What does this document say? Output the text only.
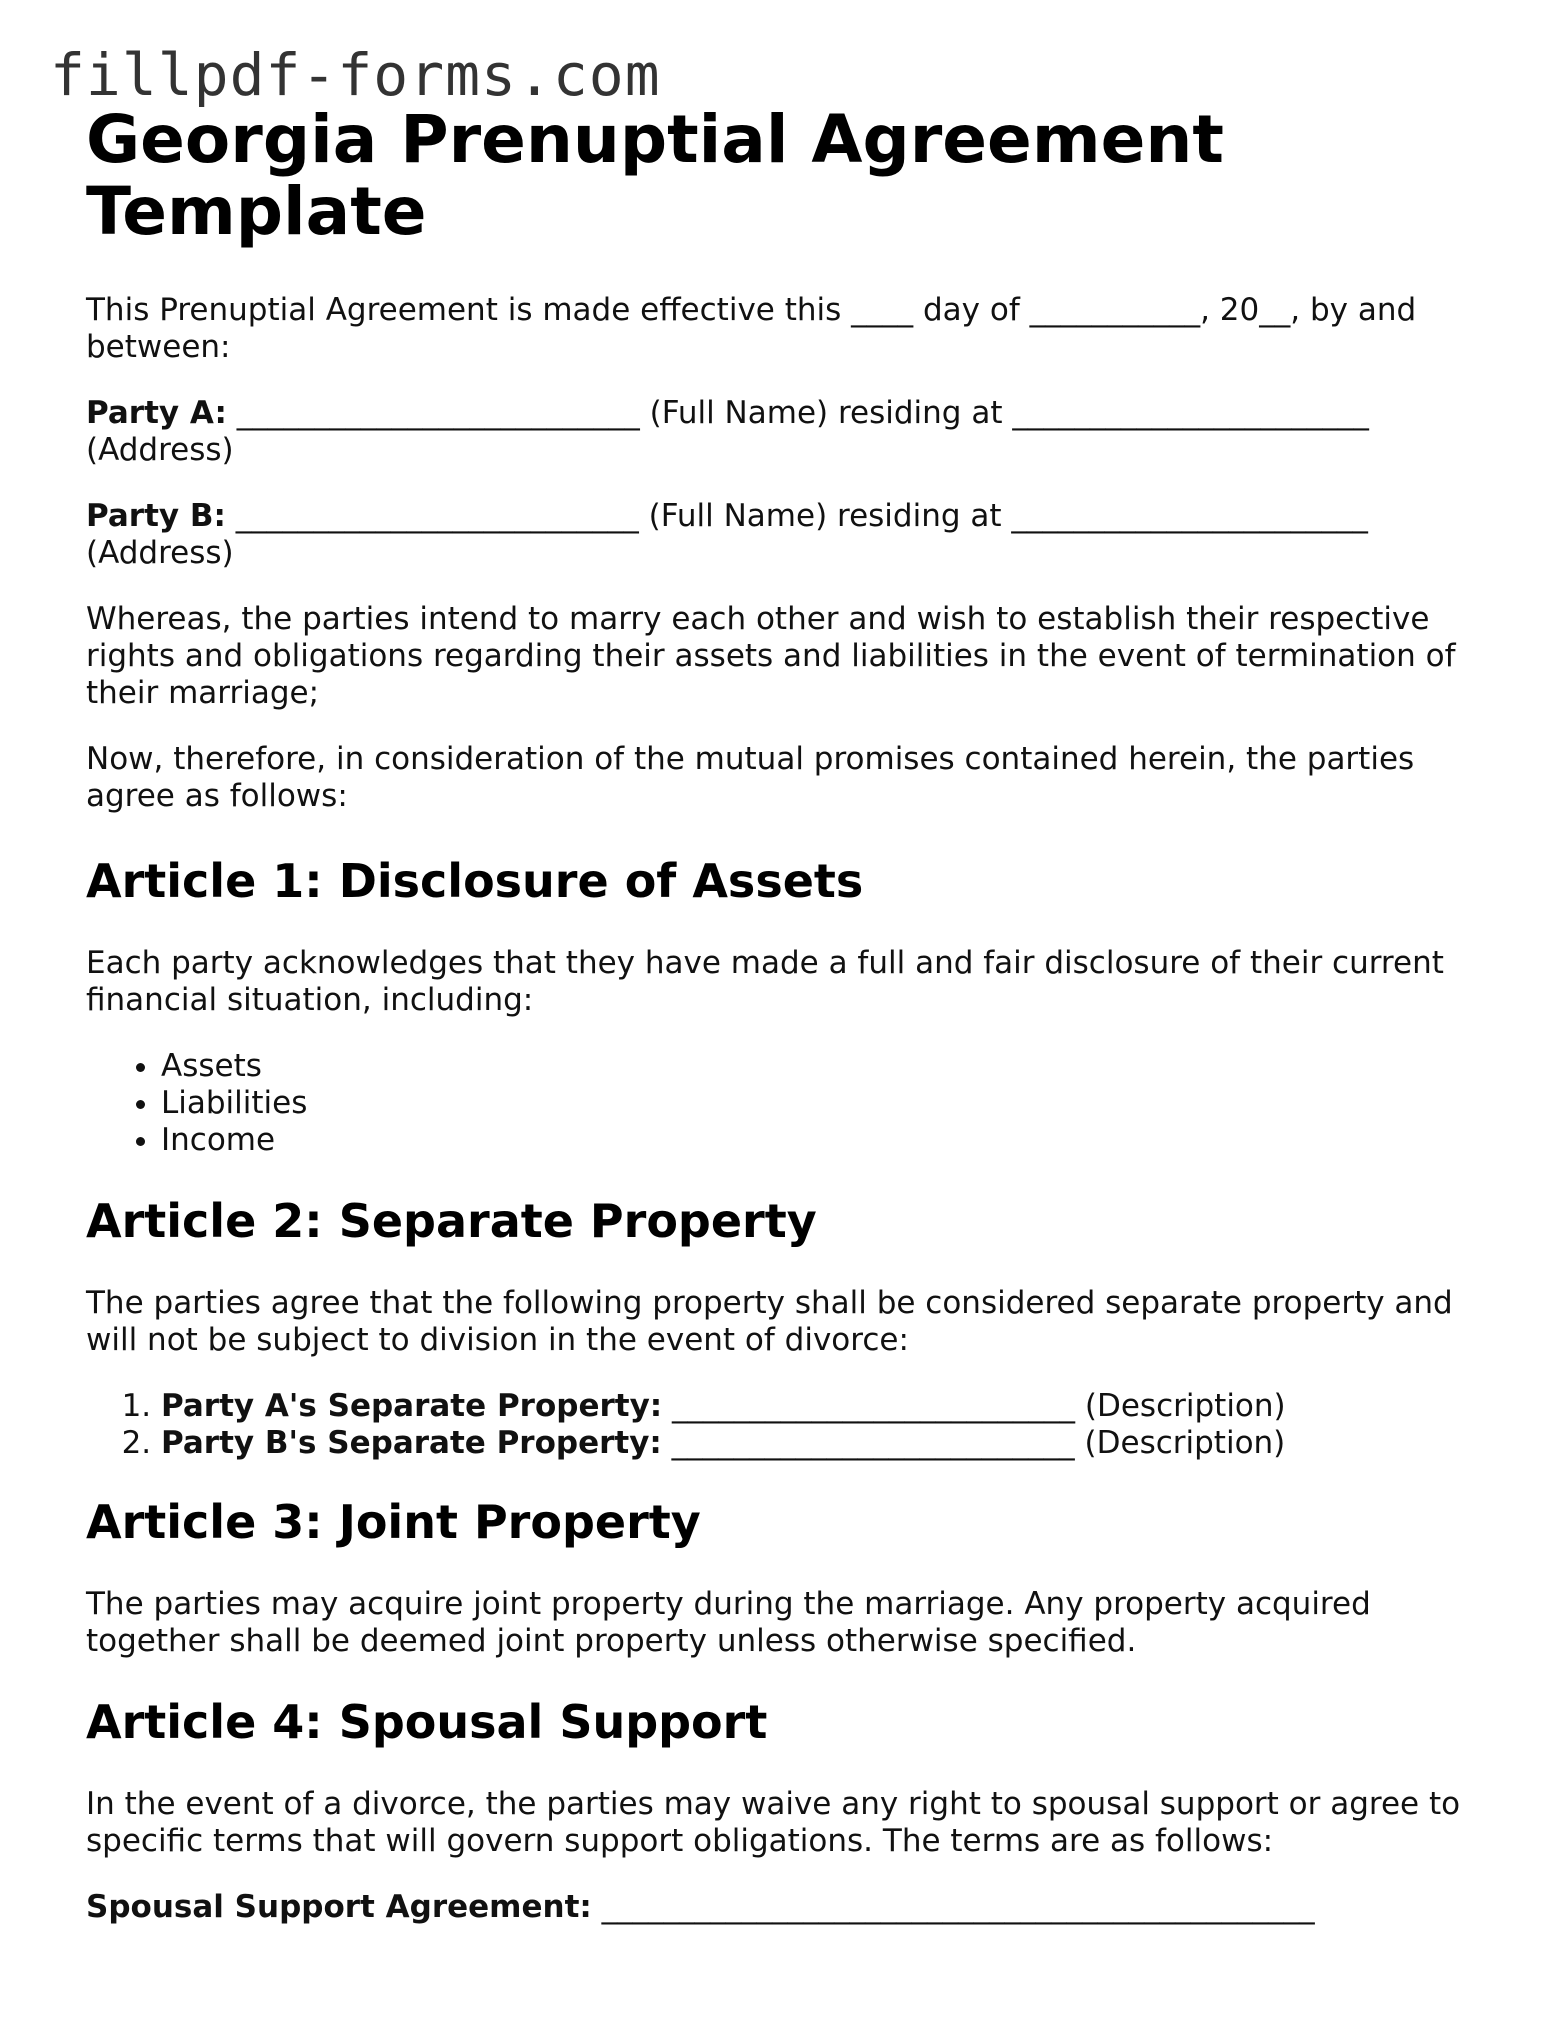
fillpdf-forms.com
Georgia Prenuptial Agreement Template

This Prenuptial Agreement is made effective this ____ day of ___________, 20__, by and between:

Party A: __________________________ (Full Name) residing at _______________________ (Address)

Party B: __________________________ (Full Name) residing at _______________________ (Address)

Whereas, the parties intend to marry each other and wish to establish their respective rights and obligations regarding their assets and liabilities in the event of termination of their marriage;

Now, therefore, in consideration of the mutual promises contained herein, the parties agree as follows:

Article 1: Disclosure of Assets

Each party acknowledges that they have made a full and fair disclosure of their current financial situation, including:

• Assets
• Liabilities
• Income
Article 2: Separate Property

The parties agree that the following property shall be considered separate property and will not be subject to division in the event of divorce:

1. Party A's Separate Property: __________________________ (Description)
2. Party B's Separate Property: __________________________ (Description)
Article 3: Joint Property

The parties may acquire joint property during the marriage. Any property acquired together shall be deemed joint property unless otherwise specified.

Article 4: Spousal Support

In the event of a divorce, the parties may waive any right to spousal support or agree to specific terms that will govern support obligations. The terms are as follows:

Spousal Support Agreement: ______________________________________________
